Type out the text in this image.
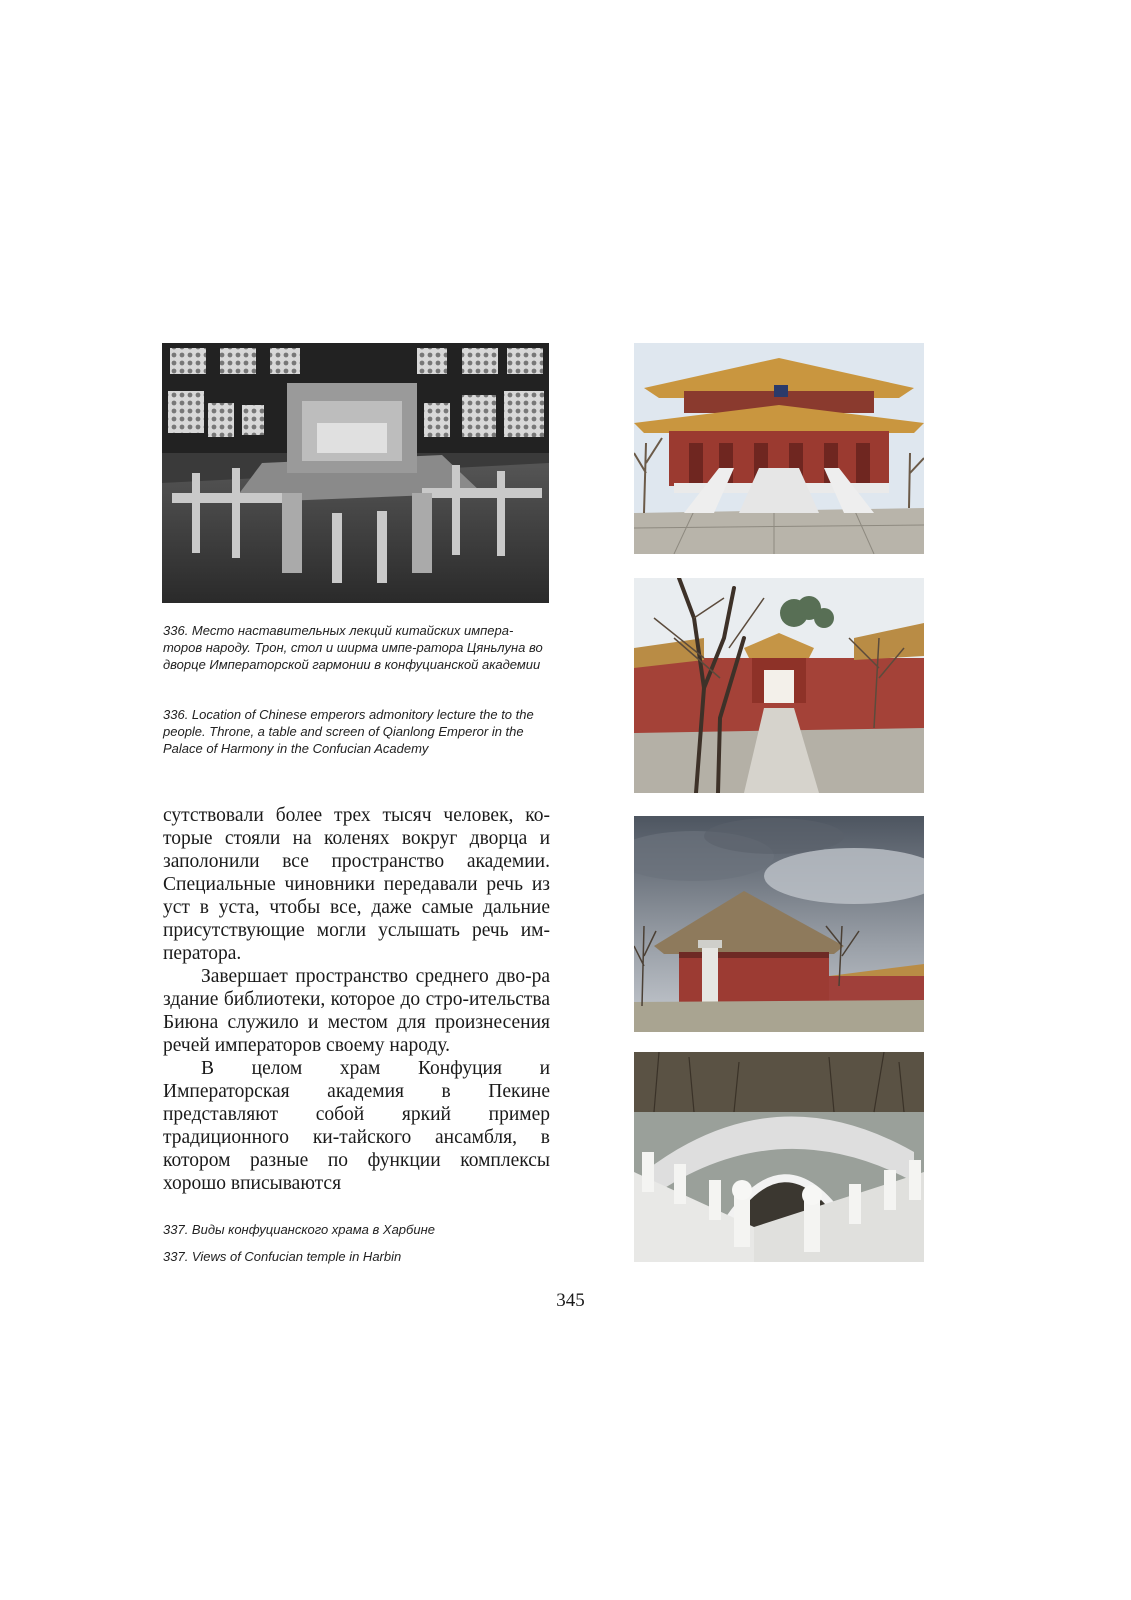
336. Место наставительных лекций китайских импера-торов народу. Трон, стол и ширма импе-ратора Цяньлуна во дворце Императорской гармонии в конфуцианской академии

336. Location of Chinese emperors admonitory lecture the to the people. Throne, a table and screen of Qianlong Emperor in the Palace of Harmony in the Confucian Academy

сутствовали более трех тысяч человек, ко-торые стояли на коленях вокруг дворца и заполонили все пространство академии. Специальные чиновники передавали речь из уст в уста, чтобы все, даже самые дальние присутствующие могли услышать речь им-ператора.

Завершает пространство среднего дво-ра здание библиотеки, которое до стро-ительства Биюна служило и местом для произнесения речей императоров своему народу.

В целом храм Конфуция и Императорская академия в Пекине представляют собой яркий пример традиционного ки-тайского ансамбля, в котором разные по функции комплексы хорошо вписываются

337. Виды конфуцианского храма в Харбине

337. Views of Confucian temple in Harbin

345
